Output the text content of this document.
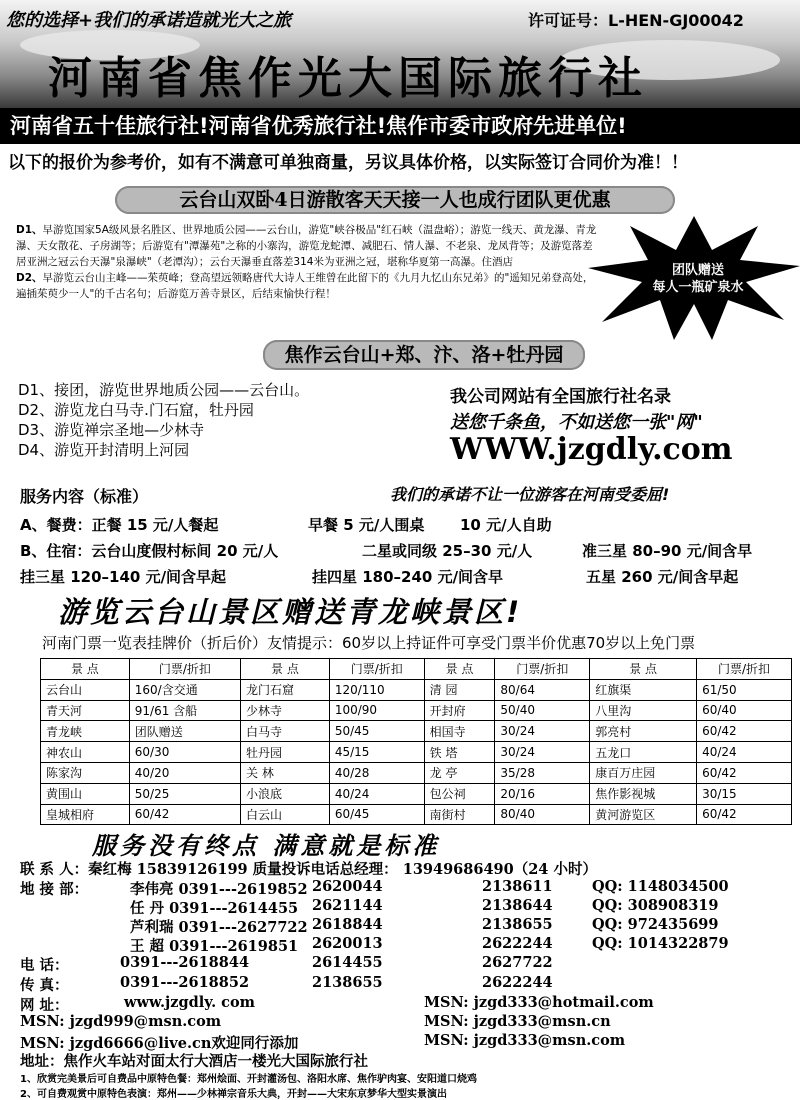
您的选择+我们的承诺造就光大之旅	许可证号：L-HEN-GJ00042
河南省焦作光大国际旅行社
河南省五十佳旅行社!河南省优秀旅行社!焦作市委市政府先进单位!
以下的报价为参考价，如有不满意可单独商量，另议具体价格，以实际签订合同价为准！！
云台山双卧4日游散客天天接一人也成行团队更优惠

D1、早游览国家5A级风景名胜区、世界地质公园——云台山，游览"峡谷极品"红石峡（温盘峪）；游览一线天、黄龙瀑、青龙瀑、天女散花、子房湖等；后游览有"潭瀑苑"之称的小寨沟，游览龙蛇潭、减肥石、情人瀑、不老泉、龙凤背等；及游览落差居亚洲之冠云台天瀑"泉瀑峡"（老潭沟）；云台天瀑垂直落差314米为亚洲之冠，堪称华夏第一高瀑。住酒店

D2、早游览云台山主峰——茱萸峰；登高望远领略唐代大诗人王维曾在此留下的《九月九忆山东兄弟》的"遥知兄弟登高处，遍插茱萸少一人"的千古名句；后游览万善寺景区，后结束愉快行程！

团队赠送
每人一瓶矿泉水
焦作云台山+郑、汴、洛+牡丹园
D1、接团，游览世界地质公园——云台山。
D2、游览龙白马寺.门石窟，牡丹园
D3、游览禅宗圣地—少林寺
D4、游览开封清明上河园
我公司网站有全国旅行社名录
送您千条鱼，不如送您一张"网"
WWW.jzgdly.com
我们的承诺不让一位游客在河南受委屈!
服务内容（标准）
A、餐费：正餐 15 元/人餐起	早餐 5 元/人围桌 10 元/人自助
B、住宿：云台山度假村标间 20 元/人	二星或同级 25–30 元/人	准三星 80–90 元/间含早
挂三星 120–140 元/间含早起	挂四星 180–240 元/间含早	五星 260 元/间含早起
游览云台山景区赠送青龙峡景区!
河南门票一览表挂牌价（折后价）友情提示：60岁以上持证件可享受门票半价优惠70岁以上免门票
景 点	门票/折扣	景 点	门票/折扣	景 点	门票/折扣	景 点	门票/折扣
云台山	160/含交通	龙门石窟	120/110	清 园	80/64	红旗渠	61/50
青天河	91/61 含船	少林寺	100/90	开封府	50/40	八里沟	60/40
青龙峡	团队赠送	白马寺	50/45	相国寺	30/24	郭亮村	60/42
神农山	60/30	牡丹园	45/15	铁 塔	30/24	五龙口	40/24
陈家沟	40/20	关 林	40/28	龙 亭	35/28	康百万庄园	60/42
黄围山	50/25	小浪底	40/24	包公祠	20/16	焦作影视城	30/15
皇城相府	60/42	白云山	60/45	南街村	80/40	黄河游览区	60/42
服务没有终点 满意就是标准
联 系 人：秦红梅 15839126199 质量投诉电话总经理： 13949686490（24 小时）
地 接 部：	李伟亮 0391---2619852 2620044	2138611	QQ: 1148034500
任 丹 0391---2614455 2621144	2138644	QQ: 308908319
芦利瑞 0391---2627722 2618844	2138655	QQ: 972435699
王 超 0391---2619851 2620013	2622244	QQ: 1014322879
电 话：	0391---2618844	2614455	2627722
传 真：	0391---2618852	2138655	2622244
网 址：	www.jzgdly. com	MSN: jzgd333@hotmail.com
MSN: jzgd999@msn.com	MSN: jzgd333@msn.cn
MSN: jzgd6666@live.cn欢迎同行添加	MSN: jzgd333@msn.com
地址：焦作火车站对面太行大酒店一楼光大国际旅行社
1、欣赏完美景后可自费品中原特色餐：郑州烩面、开封灌汤包、洛阳水席、焦作驴肉宴、安阳道口烧鸡
2、可自费观赏中原特色表演：郑州——少林禅宗音乐大典，开封——大宋东京梦华大型实景演出
